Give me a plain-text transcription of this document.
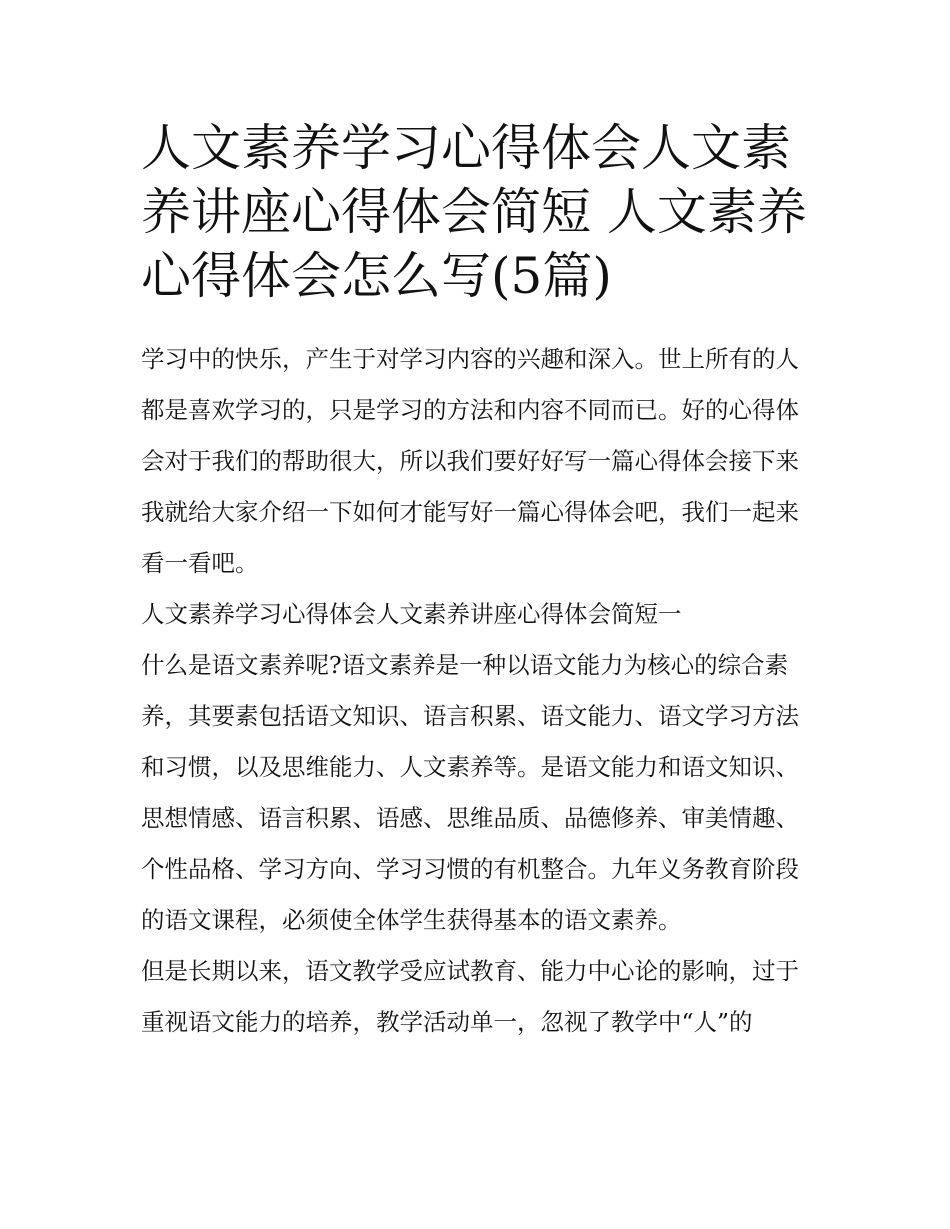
人文素养学习心得体会人文素养讲座心得体会简短 人文素养心得体会怎么写(5篇)

学习中的快乐，产生于对学习内容的兴趣和深入。世上所有的人都是喜欢学习的，只是学习的方法和内容不同而已。好的心得体会对于我们的帮助很大，所以我们要好好写一篇心得体会接下来我就给大家介绍一下如何才能写好一篇心得体会吧，我们一起来看一看吧。

人文素养学习心得体会人文素养讲座心得体会简短一

什么是语文素养呢?语文素养是一种以语文能力为核心的综合素养，其要素包括语文知识、语言积累、语文能力、语文学习方法和习惯，以及思维能力、人文素养等。是语文能力和语文知识、思想情感、语言积累、语感、思维品质、品德修养、审美情趣、个性品格、学习方向、学习习惯的有机整合。九年义务教育阶段的语文课程，必须使全体学生获得基本的语文素养。

但是长期以来，语文教学受应试教育、能力中心论的影响，过于重视语文能力的培养，教学活动单一，忽视了教学中“人”的
